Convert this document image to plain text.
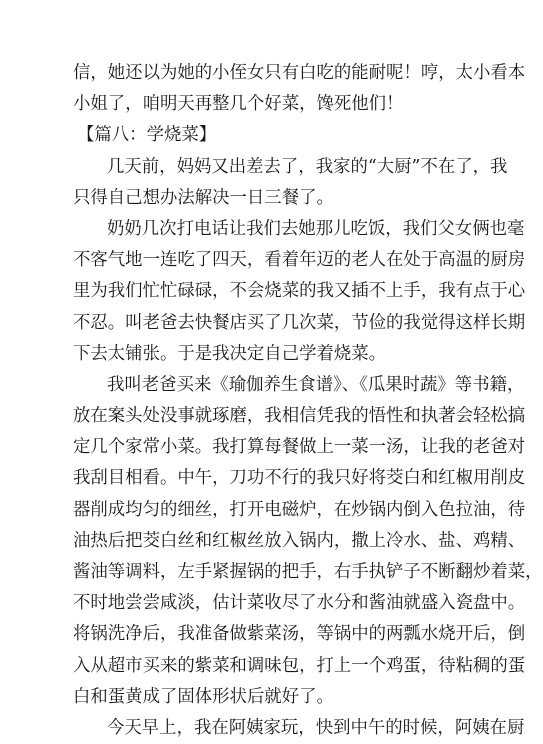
信，她还以为她的小侄女只有白吃的能耐呢！哼，太小看本
小姐了，咱明天再整几个好菜，馋死他们！
【篇八：学烧菜】
几天前，妈妈又出差去了，我家的“大厨”不在了，我
只得自己想办法解决一日三餐了。
奶奶几次打电话让我们去她那儿吃饭，我们父女俩也毫
不客气地一连吃了四天，看着年迈的老人在处于高温的厨房
里为我们忙忙碌碌，不会烧菜的我又插不上手，我有点于心
不忍。叫老爸去快餐店买了几次菜，节俭的我觉得这样长期
下去太铺张。于是我决定自己学着烧菜。
我叫老爸买来《瑜伽养生食谱》、《瓜果时蔬》等书籍，
放在案头处没事就琢磨，我相信凭我的悟性和执著会轻松搞
定几个家常小菜。我打算每餐做上一菜一汤，让我的老爸对
我刮目相看。中午，刀功不行的我只好将茭白和红椒用削皮
器削成均匀的细丝，打开电磁炉，在炒锅内倒入色拉油，待
油热后把茭白丝和红椒丝放入锅内，撒上冷水、盐、鸡精、
酱油等调料，左手紧握锅的把手，右手执铲子不断翻炒着菜，
不时地尝尝咸淡，估计菜收尽了水分和酱油就盛入瓷盘中。
将锅洗净后，我准备做紫菜汤，等锅中的两瓢水烧开后，倒
入从超市买来的紫菜和调味包，打上一个鸡蛋，待粘稠的蛋
白和蛋黄成了固体形状后就好了。
今天早上，我在阿姨家玩，快到中午的时候，阿姨在厨
